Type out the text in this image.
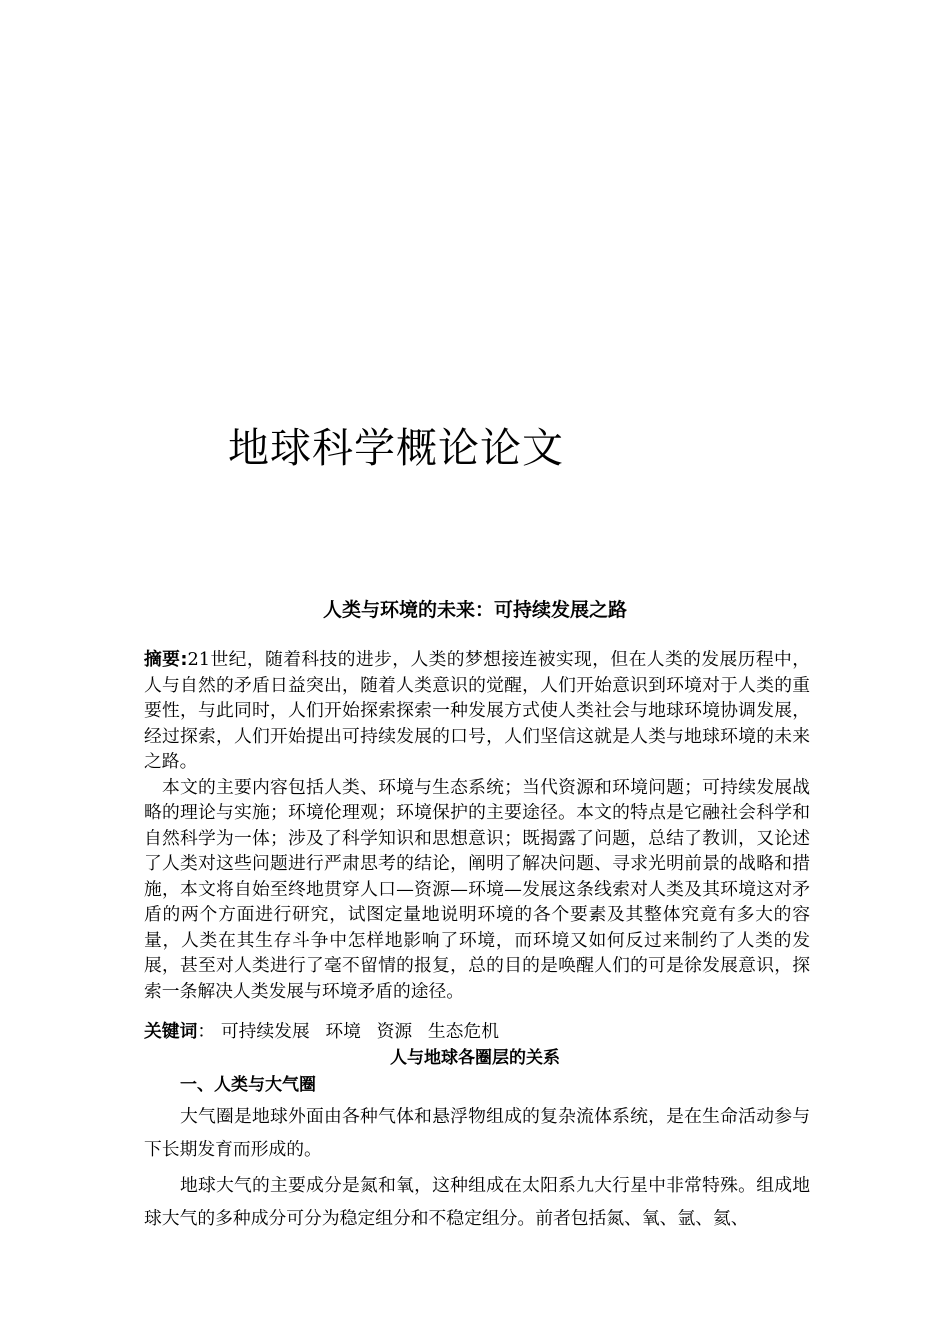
地球科学概论论文
人类与环境的未来：可持续发展之路

摘要:21世纪，随着科技的进步，人类的梦想接连被实现，但在人类的发展历程中，人与自然的矛盾日益突出，随着人类意识的觉醒，人们开始意识到环境对于人类的重要性，与此同时，人们开始探索探索一种发展方式使人类社会与地球环境协调发展，经过探索，人们开始提出可持续发展的口号，人们坚信这就是人类与地球环境的未来之路。

本文的主要内容包括人类、环境与生态系统；当代资源和环境问题；可持续发展战略的理论与实施；环境伦理观；环境保护的主要途径。本文的特点是它融社会科学和自然科学为一体；涉及了科学知识和思想意识；既揭露了问题，总结了教训，又论述了人类对这些问题进行严肃思考的结论，阐明了解决问题、寻求光明前景的战略和措施，本文将自始至终地贯穿人口—资源—环境—发展这条线索对人类及其环境这对矛盾的两个方面进行研究，试图定量地说明环境的各个要素及其整体究竟有多大的容量，人类在其生存斗争中怎样地影响了环境，而环境又如何反过来制约了人类的发展，甚至对人类进行了毫不留情的报复，总的目的是唤醒人们的可是徐发展意识，探索一条解决人类发展与环境矛盾的途径。

关键词： 可持续发展 环境 资源 生态危机
人与地球各圈层的关系
一、人类与大气圈

大气圈是地球外面由各种气体和悬浮物组成的复杂流体系统，是在生命活动参与下长期发育而形成的。

地球大气的主要成分是氮和氧，这种组成在太阳系九大行星中非常特殊。组成地球大气的多种成分可分为稳定组分和不稳定组分。前者包括氮、氧、氩、氦、
